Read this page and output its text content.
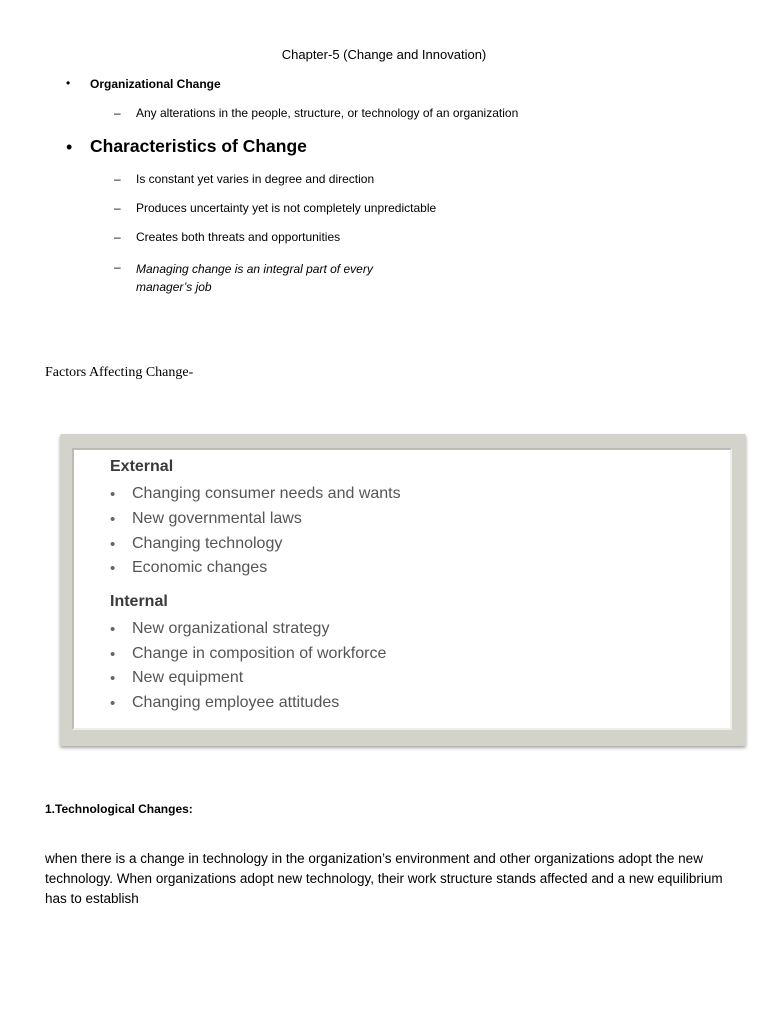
Chapter-5 (Change and Innovation)
• Organizational Change
– Any alterations in the people, structure, or technology of an organization
• Characteristics of Change
– Is constant yet varies in degree and direction
– Produces uncertainty yet is not completely unpredictable
– Creates both threats and opportunities
– Managing change is an integral part of every manager’s job
Factors Affecting Change-
External
• Changing consumer needs and wants
• New governmental laws
• Changing technology
• Economic changes
Internal
• New organizational strategy
• Change in composition of workforce
• New equipment
• Changing employee attitudes
1.Technological Changes:
when there is a change in technology in the organization’s environment and other organizations adopt the new technology. When organizations adopt new technology, their work structure stands affected and a new equilibrium has to establish
